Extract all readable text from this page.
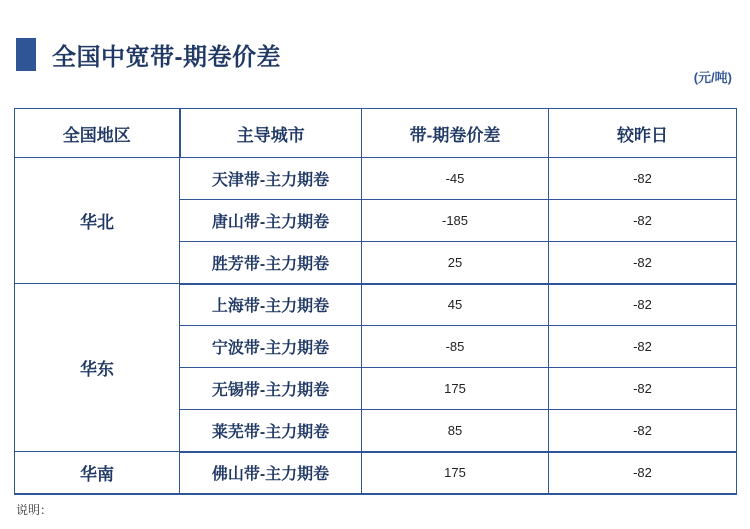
全国中宽带-期卷价差
(元/吨)
全国地区	主导城市	带-期卷价差	较昨日
华北	天津带-主力期卷	-45	-82
	唐山带-主力期卷	-185	-82
	胜芳带-主力期卷	25	-82
华东	上海带-主力期卷	45	-82
	宁波带-主力期卷	-85	-82
	无锡带-主力期卷	175	-82
	莱芜带-主力期卷	85	-82
华南	佛山带-主力期卷	175	-82
说明：
